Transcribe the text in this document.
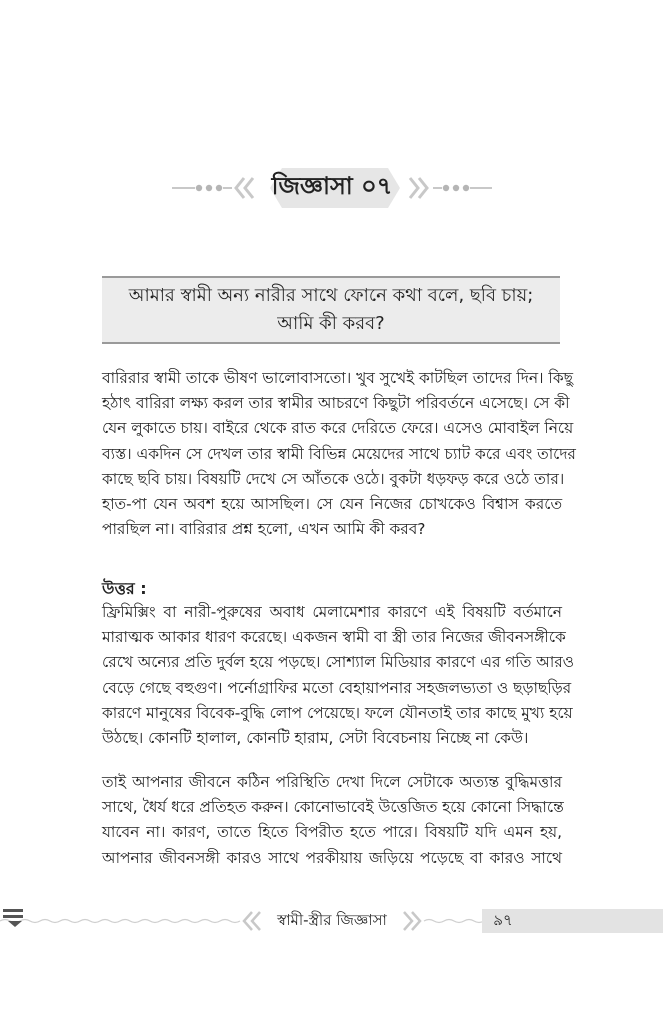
জিজ্ঞাসা ০৭
আমার স্বামী অন্য নারীর সাথে ফোনে কথা বলে, ছবি চায়;
আমি কী করব?
বারিরার স্বামী তাকে ভীষণ ভালোবাসতো। খুব সুখেই কাটছিল তাদের দিন। কিছু
হঠাৎ বারিরা লক্ষ্য করল তার স্বামীর আচরণে কিছুটা পরিবর্তনে এসেছে। সে কী
যেন লুকাতে চায়। বাইরে থেকে রাত করে দেরিতে ফেরে। এসেও মোবাইল নিয়ে
ব্যস্ত। একদিন সে দেখল তার স্বামী বিভিন্ন মেয়েদের সাথে চ্যাট করে এবং তাদের
কাছে ছবি চায়। বিষয়টি দেখে সে আঁতকে ওঠে। বুকটা ধড়ফড় করে ওঠে তার।
হাত-পা যেন অবশ হয়ে আসছিল। সে যেন নিজের চোখকেও বিশ্বাস করতে
পারছিল না। বারিরার প্রশ্ন হলো, এখন আমি কী করব?
উত্তর :
ফ্রিমিক্সিং বা নারী-পুরুষের অবাধ মেলামেশার কারণে এই বিষয়টি বর্তমানে
মারাত্মক আকার ধারণ করেছে। একজন স্বামী বা স্ত্রী তার নিজের জীবনসঙ্গীকে
রেখে অন্যের প্রতি দুর্বল হয়ে পড়ছে। সোশ্যাল মিডিয়ার কারণে এর গতি আরও
বেড়ে গেছে বহুগুণ। পর্নোগ্রাফির মতো বেহায়াপনার সহজলভ্যতা ও ছড়াছড়ির
কারণে মানুষের বিবেক-বুদ্ধি লোপ পেয়েছে। ফলে যৌনতাই তার কাছে মুখ্য হয়ে
উঠছে। কোনটি হালাল, কোনটি হারাম, সেটা বিবেচনায় নিচ্ছে না কেউ।
তাই আপনার জীবনে কঠিন পরিস্থিতি দেখা দিলে সেটাকে অত্যন্ত বুদ্ধিমত্তার
সাথে, ধৈর্য ধরে প্রতিহত করুন। কোনোভাবেই উত্তেজিত হয়ে কোনো সিদ্ধান্তে
যাবেন না। কারণ, তাতে হিতে বিপরীত হতে পারে। বিষয়টি যদি এমন হয়,
আপনার জীবনসঙ্গী কারও সাথে পরকীয়ায় জড়িয়ে পড়েছে বা কারও সাথে
স্বামী-স্ত্রীর জিজ্ঞাসা	৯৭
